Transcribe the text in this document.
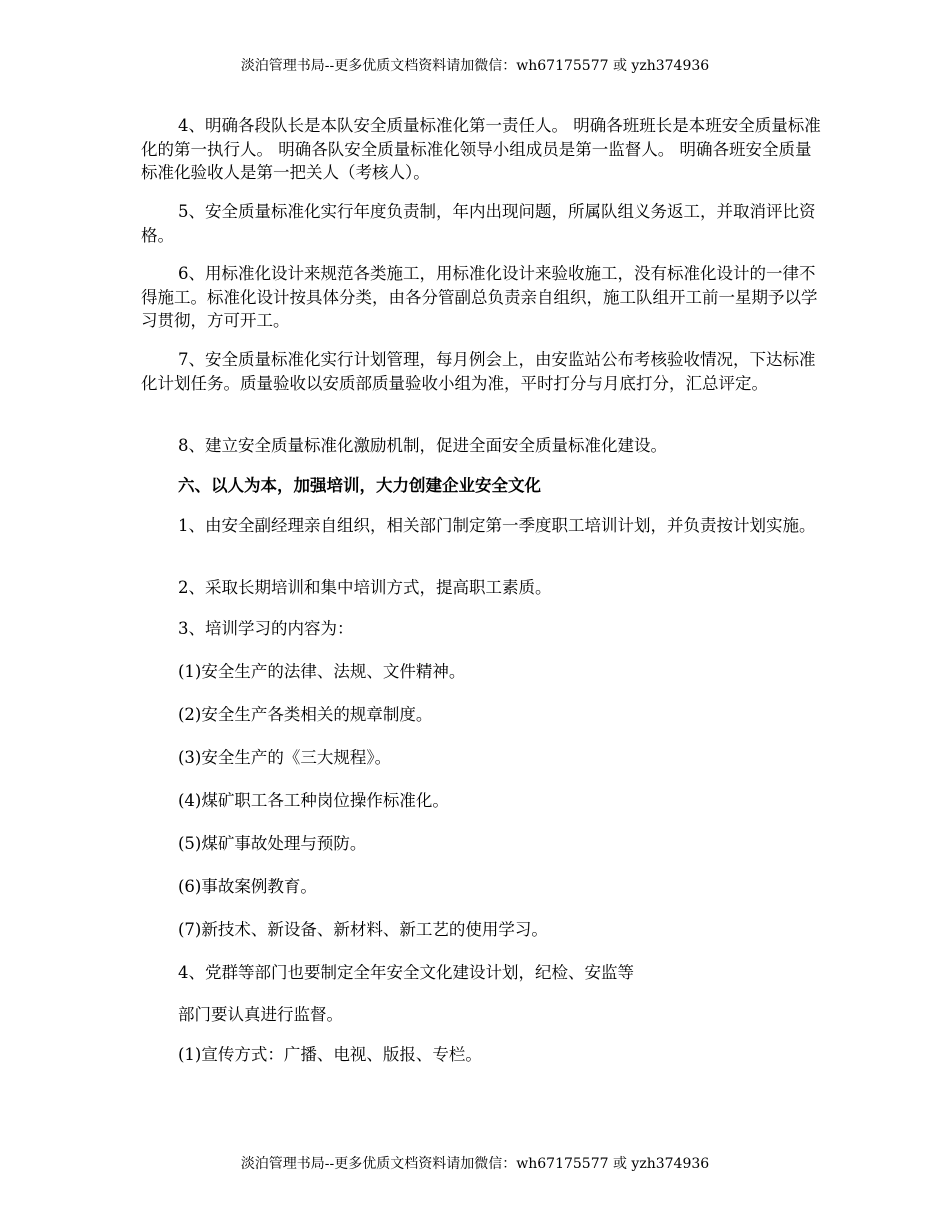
淡泊管理书局--更多优质文档资料请加微信：wh67175577 或 yzh374936

4、明确各段队长是本队安全质量标准化第一责任人。 明确各班班长是本班安全质量标准化的第一执行人。 明确各队安全质量标准化领导小组成员是第一监督人。 明确各班安全质量标准化验收人是第一把关人（考核人）。

5、安全质量标准化实行年度负责制，年内出现问题，所属队组义务返工，并取消评比资格。

6、用标准化设计来规范各类施工，用标准化设计来验收施工，没有标准化设计的一律不得施工。标准化设计按具体分类，由各分管副总负责亲自组织，施工队组开工前一星期予以学习贯彻，方可开工。

7、安全质量标准化实行计划管理，每月例会上，由安监站公布考核验收情况，下达标准化计划任务。质量验收以安质部质量验收小组为准，平时打分与月底打分，汇总评定。

8、建立安全质量标准化激励机制，促进全面安全质量标准化建设。

六、以人为本，加强培训，大力创建企业安全文化

1、由安全副经理亲自组织，相关部门制定第一季度职工培训计划，并负责按计划实施。

2、采取长期培训和集中培训方式，提高职工素质。

3、培训学习的内容为：

(1)安全生产的法律、法规、文件精神。

(2)安全生产各类相关的规章制度。

(3)安全生产的《三大规程》。

(4)煤矿职工各工种岗位操作标准化。

(5)煤矿事故处理与预防。

(6)事故案例教育。

(7)新技术、新设备、新材料、新工艺的使用学习。

4、党群等部门也要制定全年安全文化建设计划，纪检、安监等

部门要认真进行监督。

(1)宣传方式：广播、电视、版报、专栏。

淡泊管理书局--更多优质文档资料请加微信：wh67175577 或 yzh374936
